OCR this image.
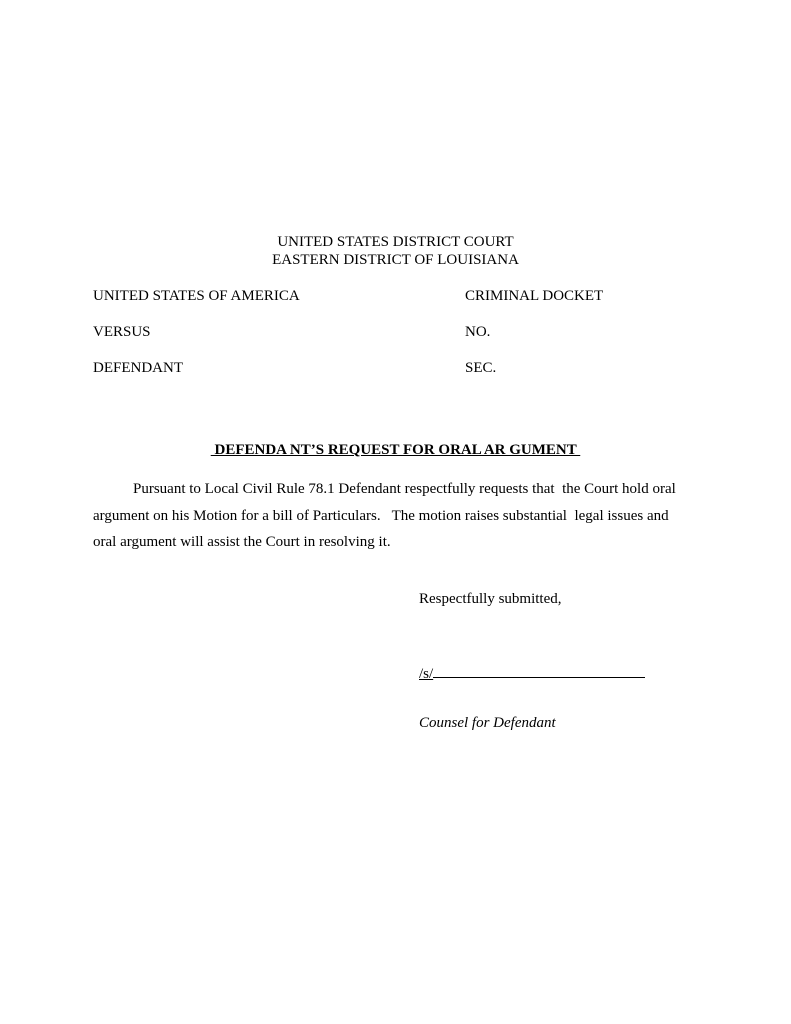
UNITED STATES DISTRICT COURT
EASTERN DISTRICT OF LOUISIANA
UNITED STATES OF AMERICA	CRIMINAL DOCKET
VERSUS	NO.
DEFENDANT	SEC.
DEFENDA NT’S REQUEST FOR ORAL AR GUMENT
Pursuant to Local Civil Rule 78.1 Defendant respectfully requests that  the Court hold oral argument on his Motion for a bill of Particulars.   The motion raises substantial  legal issues and oral argument will assist the Court in resolving it.
Respectfully submitted,
/s/
Counsel for Defendant
